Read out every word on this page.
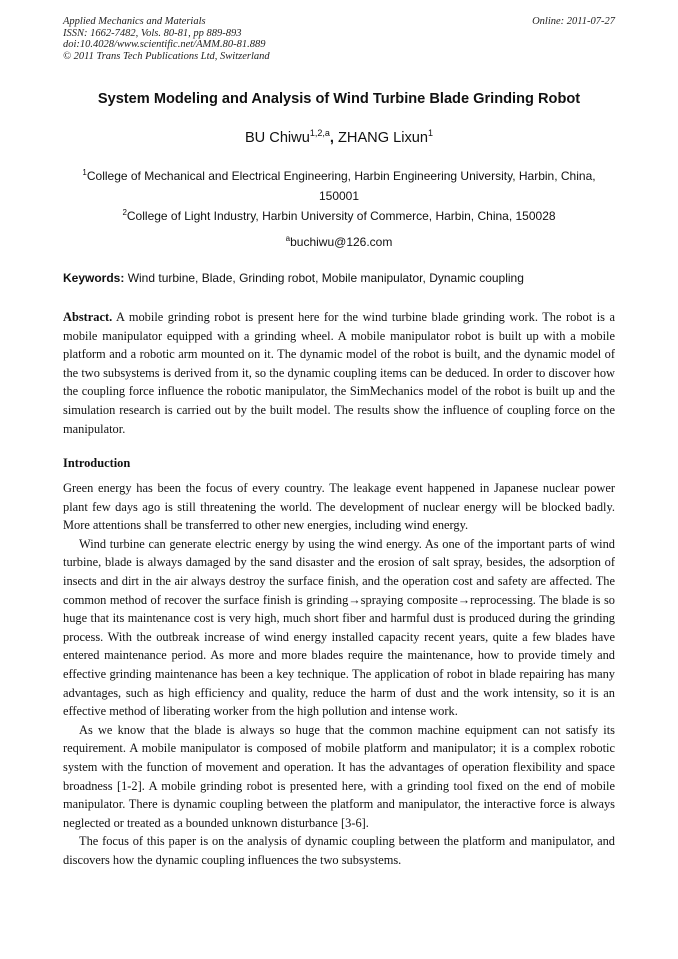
Applied Mechanics and Materials
ISSN: 1662-7482, Vols. 80-81, pp 889-893
doi:10.4028/www.scientific.net/AMM.80-81.889
© 2011 Trans Tech Publications Ltd, Switzerland
Online: 2011-07-27
System Modeling and Analysis of Wind Turbine Blade Grinding Robot
BU Chiwu$^{1,2,a}$, ZHANG Lixun$^1$
$^1$College of Mechanical and Electrical Engineering, Harbin Engineering University, Harbin, China, 150001
$^2$College of Light Industry, Harbin University of Commerce, Harbin, China, 150028
$^a$buchiwu@126.com
Keywords: Wind turbine, Blade, Grinding robot, Mobile manipulator, Dynamic coupling

Abstract. A mobile grinding robot is present here for the wind turbine blade grinding work. The robot is a mobile manipulator equipped with a grinding wheel. A mobile manipulator robot is built up with a mobile platform and a robotic arm mounted on it. The dynamic model of the robot is built, and the dynamic model of the two subsystems is derived from it, so the dynamic coupling items can be deduced. In order to discover how the coupling force influence the robotic manipulator, the SimMechanics model of the robot is built up and the simulation research is carried out by the built model. The results show the influence of coupling force on the manipulator.

Introduction

Green energy has been the focus of every country. The leakage event happened in Japanese nuclear power plant few days ago is still threatening the world. The development of nuclear energy will be blocked badly. More attentions shall be transferred to other new energies, including wind energy.

Wind turbine can generate electric energy by using the wind energy. As one of the important parts of wind turbine, blade is always damaged by the sand disaster and the erosion of salt spray, besides, the adsorption of insects and dirt in the air always destroy the surface finish, and the operation cost and safety are affected. The common method of recover the surface finish is grinding→spraying composite→reprocessing. The blade is so huge that its maintenance cost is very high, much short fiber and harmful dust is produced during the grinding process. With the outbreak increase of wind energy installed capacity recent years, quite a few blades have entered maintenance period. As more and more blades require the maintenance, how to provide timely and effective grinding maintenance has been a key technique. The application of robot in blade repairing has many advantages, such as high efficiency and quality, reduce the harm of dust and the work intensity, so it is an effective method of liberating worker from the high pollution and intense work.

As we know that the blade is always so huge that the common machine equipment can not satisfy its requirement. A mobile manipulator is composed of mobile platform and manipulator; it is a complex robotic system with the function of movement and operation. It has the advantages of operation flexibility and space broadness [1-2]. A mobile grinding robot is presented here, with a grinding tool fixed on the end of mobile manipulator. There is dynamic coupling between the platform and manipulator, the interactive force is always neglected or treated as a bounded unknown disturbance [3-6].

The focus of this paper is on the analysis of dynamic coupling between the platform and manipulator, and discovers how the dynamic coupling influences the two subsystems.
